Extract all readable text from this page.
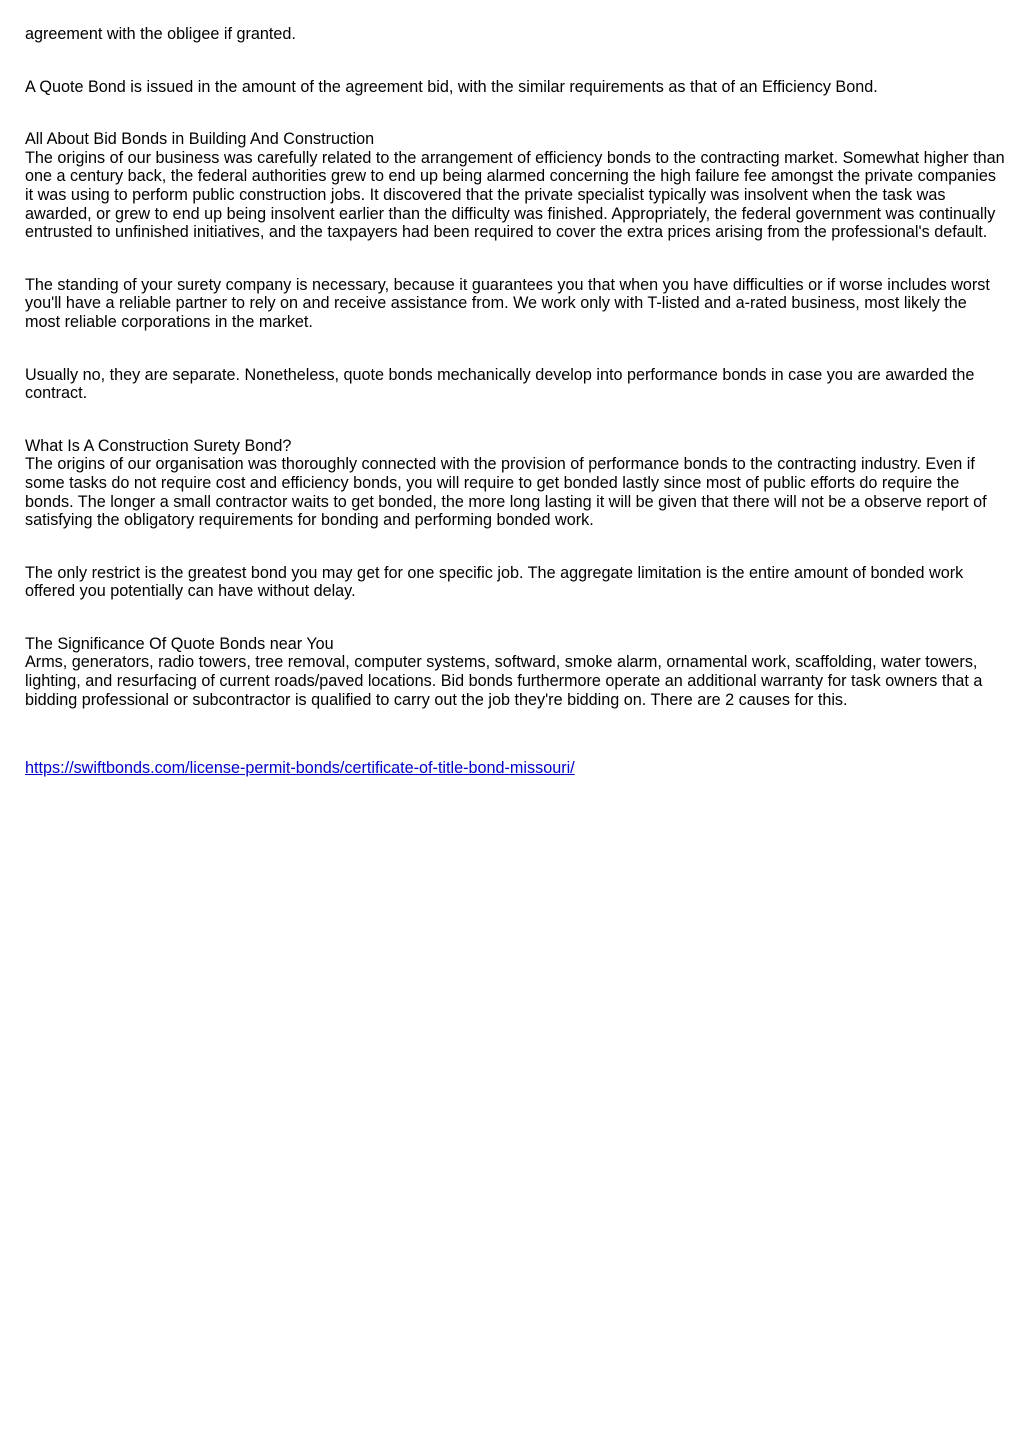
agreement with the obligee if granted.

A Quote Bond is issued in the amount of the agreement bid, with the similar requirements as that of an Efficiency Bond.

All About Bid Bonds in Building And Construction

The origins of our business was carefully related to the arrangement of efficiency bonds to the contracting market. Somewhat higher than one a century back, the federal authorities grew to end up being alarmed concerning the high failure fee amongst the private companies it was using to perform public construction jobs. It discovered that the private specialist typically was insolvent when the task was awarded, or grew to end up being insolvent earlier than the difficulty was finished. Appropriately, the federal government was continually entrusted to unfinished initiatives, and the taxpayers had been required to cover the extra prices arising from the professional's default.

The standing of your surety company is necessary, because it guarantees you that when you have difficulties or if worse includes worst you'll have a reliable partner to rely on and receive assistance from. We work only with T-listed and a-rated business, most likely the most reliable corporations in the market.

Usually no, they are separate. Nonetheless, quote bonds mechanically develop into performance bonds in case you are awarded the contract.

What Is A Construction Surety Bond?

The origins of our organisation was thoroughly connected with the provision of performance bonds to the contracting industry. Even if some tasks do not require cost and efficiency bonds, you will require to get bonded lastly since most of public efforts do require the bonds. The longer a small contractor waits to get bonded, the more long lasting it will be given that there will not be a observe report of satisfying the obligatory requirements for bonding and performing bonded work.

The only restrict is the greatest bond you may get for one specific job. The aggregate limitation is the entire amount of bonded work offered you potentially can have without delay.

The Significance Of Quote Bonds near You

Arms, generators, radio towers, tree removal, computer systems, softward, smoke alarm, ornamental work, scaffolding, water towers, lighting, and resurfacing of current roads/paved locations. Bid bonds furthermore operate an additional warranty for task owners that a bidding professional or subcontractor is qualified to carry out the job they're bidding on. There are 2 causes for this.

https://swiftbonds.com/license-permit-bonds/certificate-of-title-bond-missouri/
